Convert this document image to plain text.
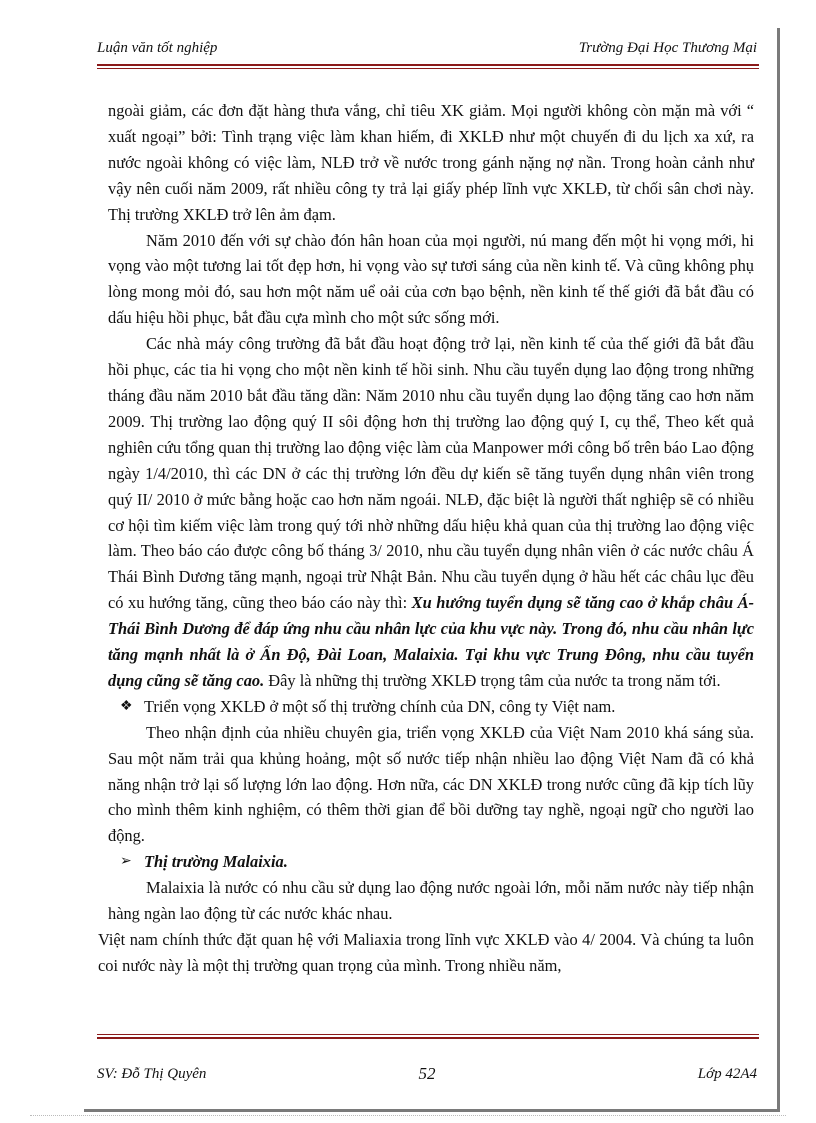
Luận văn tốt nghiệp	Trường Đại Học Thương Mại

ngoài giảm, các đơn đặt hàng thưa vắng, chỉ tiêu XK giảm. Mọi người không còn mặn mà với “ xuất ngoại” bởi: Tình trạng việc làm khan hiếm, đi XKLĐ như một chuyến đi du lịch xa xứ, ra nước ngoài không có việc làm, NLĐ trở về nước trong gánh nặng nợ nần. Trong hoàn cảnh như vậy nên cuối năm 2009, rất nhiều công ty trả lại giấy phép lĩnh vực XKLĐ, từ chối sân chơi này. Thị trường XKLĐ trở lên ảm đạm.

Năm 2010 đến với sự chào đón hân hoan của mọi người, nú mang đến một hi vọng mới, hi vọng vào một tương lai tốt đẹp hơn, hi vọng vào sự tươi sáng của nền kinh tế. Và cũng không phụ lòng mong mỏi đó, sau hơn một năm uể oải của cơn bạo bệnh, nền kinh tế thế giới đã bắt đầu có dấu hiệu hồi phục, bắt đầu cựa mình cho một sức sống mới.

Các nhà máy công trường đã bắt đầu hoạt động trở lại, nền kinh tế của thế giới đã bắt đầu hồi phục, các tia hi vọng cho một nền kinh tế hồi sinh. Nhu cầu tuyển dụng lao động trong những tháng đầu năm 2010 bắt đầu tăng dần: Năm 2010 nhu cầu tuyển dụng lao động tăng cao hơn năm 2009. Thị trường lao động quý II sôi động hơn thị trường lao động quý I, cụ thể, Theo kết quả nghiên cứu tổng quan thị trường lao động việc làm của Manpower mới công bố trên báo Lao động ngày 1/4/2010, thì các DN ở các thị trường lớn đều dự kiến sẽ tăng tuyển dụng nhân viên trong quý II/ 2010 ở mức bằng hoặc cao hơn năm ngoái. NLĐ, đặc biệt là người thất nghiệp sẽ có nhiều cơ hội tìm kiếm việc làm trong quý tới nhờ những dấu hiệu khả quan của thị trường lao động việc làm. Theo báo cáo được công bố tháng 3/ 2010, nhu cầu tuyển dụng nhân viên ở các nước châu Á Thái Bình Dương tăng mạnh, ngoại trừ Nhật Bản. Nhu cầu tuyển dụng ở hầu hết các châu lục đều có xu hướng tăng, cũng theo báo cáo này thì: Xu hướng tuyển dụng sẽ tăng cao ở khắp châu Á- Thái Bình Dương để đáp ứng nhu cầu nhân lực của khu vực này. Trong đó, nhu cầu nhân lực tăng mạnh nhất là ở Ấn Độ, Đài Loan, Malaixia. Tại khu vực Trung Đông, nhu cầu tuyển dụng cũng sẽ tăng cao. Đây là những thị trường XKLĐ trọng tâm của nước ta trong năm tới.

❖ Triển vọng XKLĐ ở một số thị trường chính của DN, công ty Việt nam.

Theo nhận định của nhiều chuyên gia, triển vọng XKLĐ của Việt Nam 2010 khá sáng sủa. Sau một năm trải qua khủng hoảng, một số nước tiếp nhận nhiều lao động Việt Nam đã có khả năng nhận trở lại số lượng lớn lao động. Hơn nữa, các DN XKLĐ trong nước cũng đã kịp tích lũy cho mình thêm kinh nghiệm, có thêm thời gian để bồi dưỡng tay nghề, ngoại ngữ cho người lao động.

➢ Thị trường Malaixia.

Malaixia là nước có nhu cầu sử dụng lao động nước ngoài lớn, mỗi năm nước này tiếp nhận hàng ngàn lao động từ các nước khác nhau.

Việt nam chính thức đặt quan hệ với Maliaxia trong lĩnh vực XKLĐ vào 4/ 2004. Và chúng ta luôn coi nước này là một thị trường quan trọng của mình. Trong nhiều năm,

SV: Đỗ Thị Quyên	52	Lớp 42A4
